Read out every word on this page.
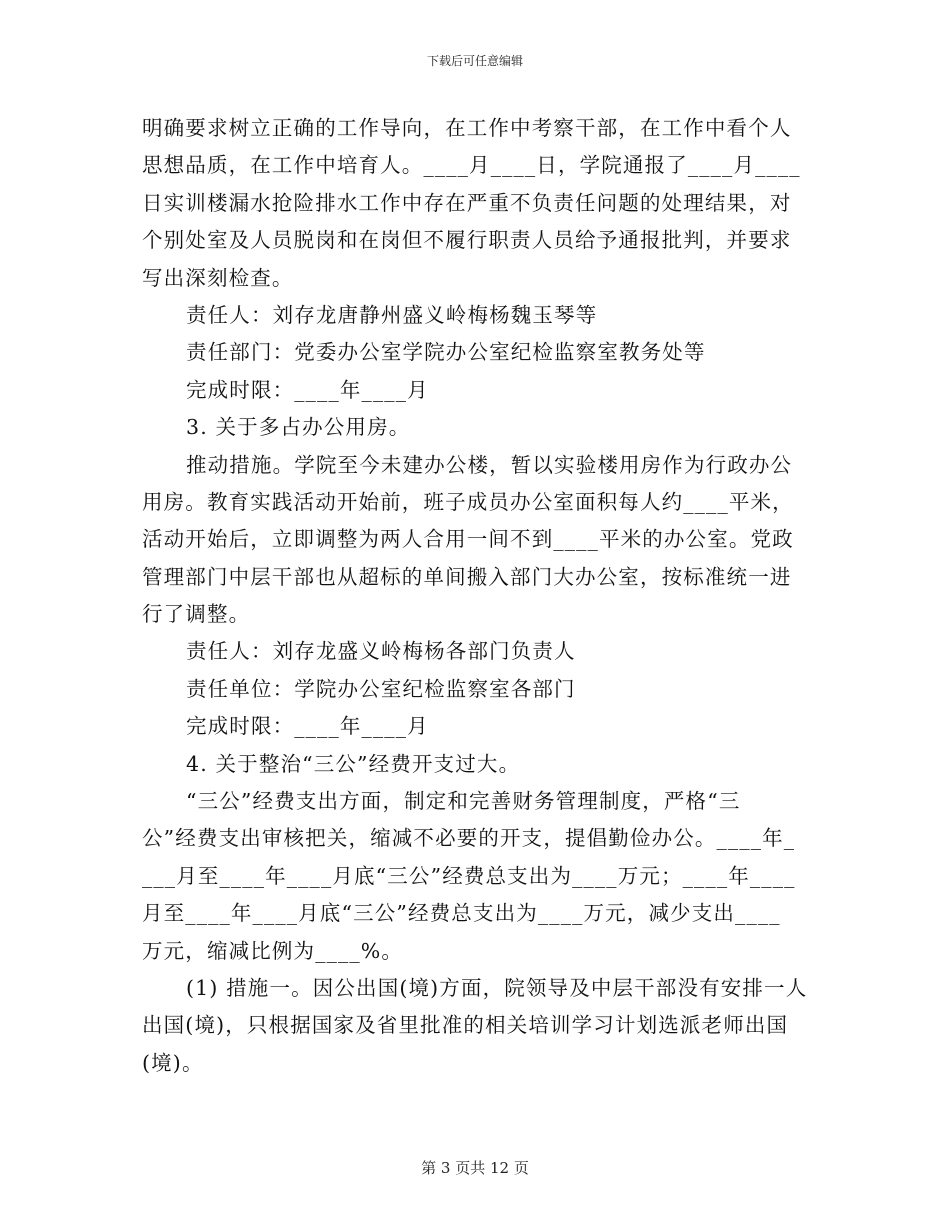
下载后可任意编辑
明确要求树立正确的工作导向，在工作中考察干部，在工作中看个人
思想品质，在工作中培育人。____月____日，学院通报了____月____
日实训楼漏水抢险排水工作中存在严重不负责任问题的处理结果，对
个别处室及人员脱岗和在岗但不履行职责人员给予通报批判，并要求
写出深刻检查。
责任人：刘存龙唐静州盛义岭梅杨魏玉琴等
责任部门：党委办公室学院办公室纪检监察室教务处等
完成时限：____年____月
3. 关于多占办公用房。
推动措施。学院至今未建办公楼，暂以实验楼用房作为行政办公
用房。教育实践活动开始前，班子成员办公室面积每人约____平米，
活动开始后，立即调整为两人合用一间不到____平米的办公室。党政
管理部门中层干部也从超标的单间搬入部门大办公室，按标准统一进
行了调整。
责任人：刘存龙盛义岭梅杨各部门负责人
责任单位：学院办公室纪检监察室各部门
完成时限：____年____月
4. 关于整治“三公”经费开支过大。
“三公”经费支出方面，制定和完善财务管理制度，严格“三
公”经费支出审核把关，缩减不必要的开支，提倡勤俭办公。____年_
___月至____年____月底“三公”经费总支出为____万元；____年____
月至____年____月底“三公”经费总支出为____万元，减少支出____
万元，缩减比例为____%。
(1) 措施一。因公出国(境)方面，院领导及中层干部没有安排一人
出国(境)，只根据国家及省里批准的相关培训学习计划选派老师出国
(境)。
第 3 页共 12 页
